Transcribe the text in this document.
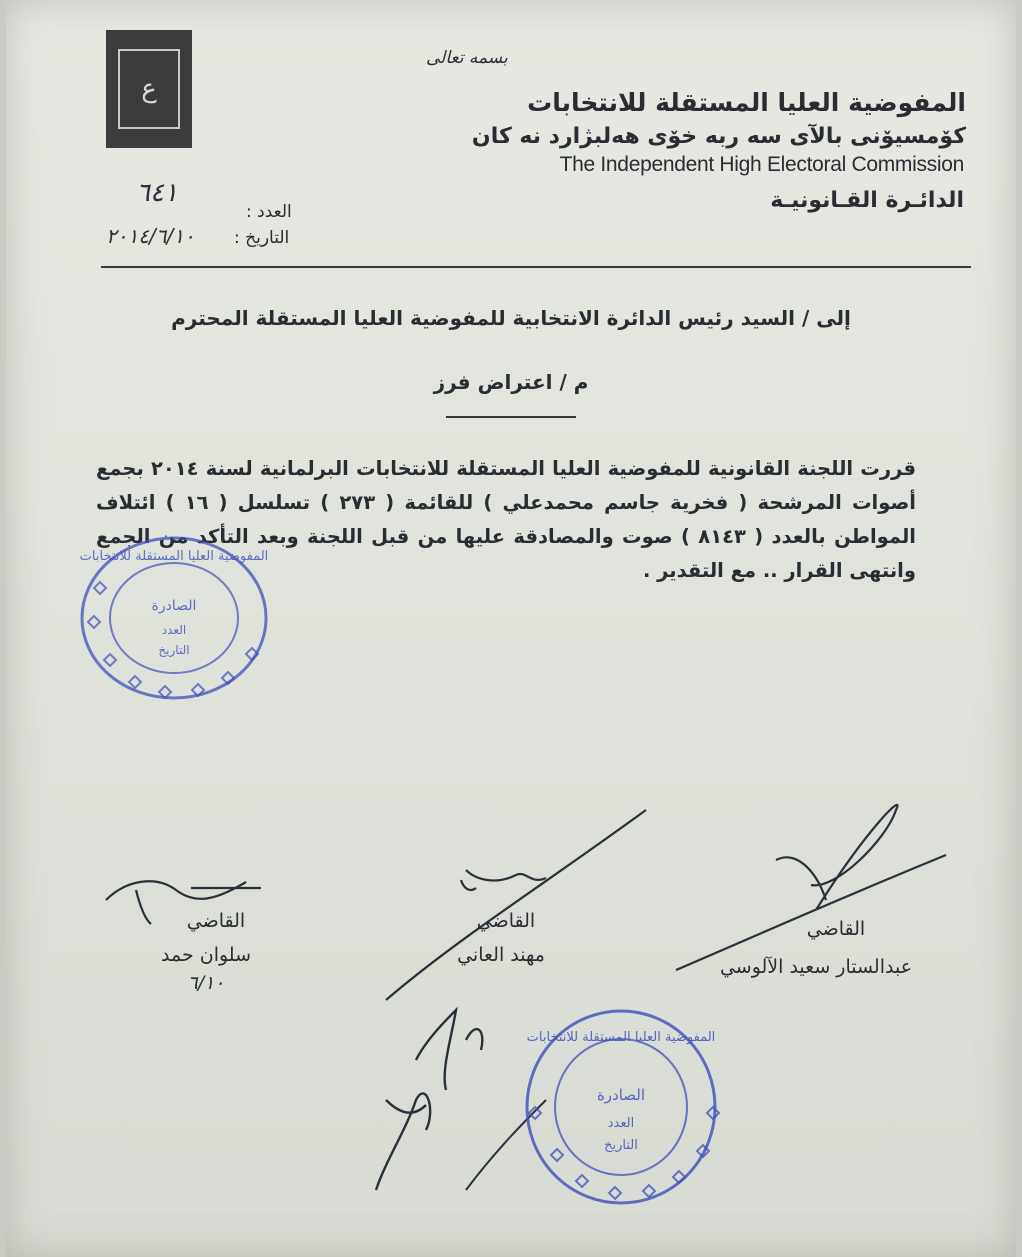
ع
بسمه تعالى
المفوضية العليا المستقلة للانتخابات
كۆمسيۆنى بالآى سه ربه خۆى هه‌لبژارد نه كان
The Independent High Electoral Commission
الدائـرة القـانونيـة
العدد :
٦٤١
التاريخ :
٢٠١٤/٦/١٠
إلى / السيد رئيس الدائرة الانتخابية للمفوضية العليا المستقلة المحترم
م / اعتراض فرز
قررت اللجنة القانونية للمفوضية العليا المستقلة للانتخابات البرلمانية لسنة ٢٠١٤ بجمع أصوات المرشحة ( فخرية جاسم محمدعلي ) للقائمة ( ٢٧٣ ) تسلسل ( ١٦ ) ائتلاف المواطن بالعدد ( ٨١٤٣ ) صوت والمصادقة عليها من قبل اللجنة وبعد التأكد من الجمع وانتهى القرار .. مع التقدير .
المفوضية العليا المستقلة للانتخابات
الصادرة
العدد
التاريخ
القاضي
سلوان حمد
٦/١٠
القاضي
مهند العاني
القاضي
عبدالستار سعيد الآلوسي
المفوضية العليا المستقلة للانتخابات
الصادرة
العدد
التاريخ
